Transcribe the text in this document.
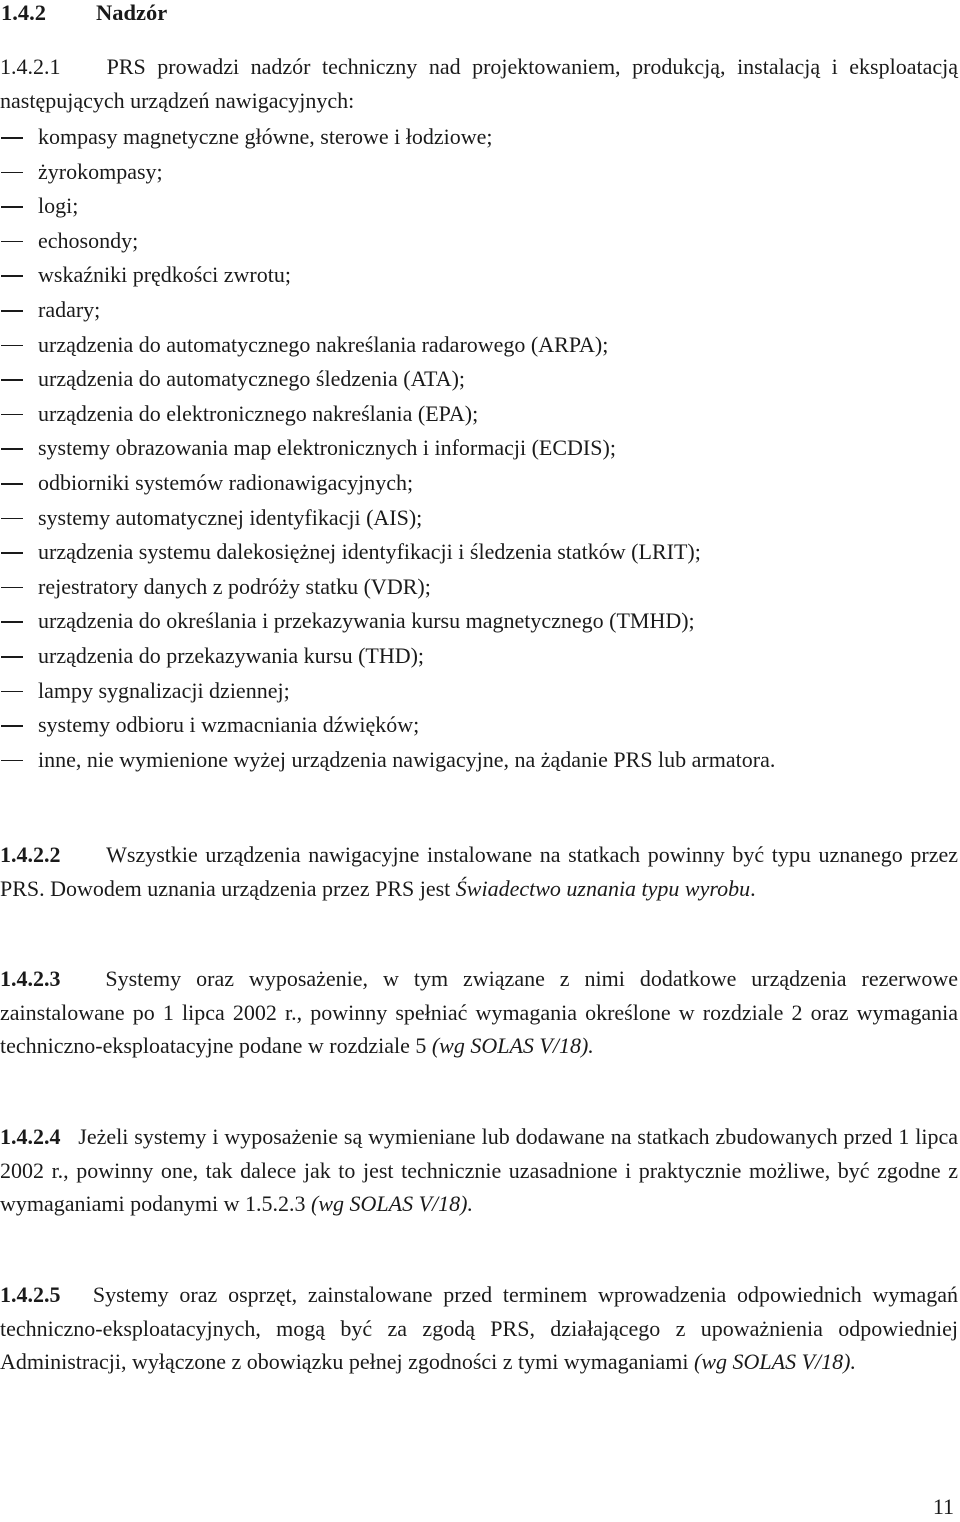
1.4.2 Nadzór
1.4.2.1 PRS prowadzi nadzór techniczny nad projektowaniem, produkcją, instalacją i eksploatacją następujących urządzeń nawigacyjnych:
kompasy magnetyczne główne, sterowe i łodziowe;
żyrokompasy;
logi;
echosondy;
wskaźniki prędkości zwrotu;
radary;
urządzenia do automatycznego nakreślania radarowego (ARPA);
urządzenia do automatycznego śledzenia (ATA);
urządzenia do elektronicznego nakreślania (EPA);
systemy obrazowania map elektronicznych i informacji (ECDIS);
odbiorniki systemów radionawigacyjnych;
systemy automatycznej identyfikacji (AIS);
urządzenia systemu dalekosiężnej identyfikacji i śledzenia statków (LRIT);
rejestratory danych z podróży statku (VDR);
urządzenia do określania i przekazywania kursu magnetycznego (TMHD);
urządzenia do przekazywania kursu (THD);
lampy sygnalizacji dziennej;
systemy odbioru i wzmacniania dźwięków;
inne, nie wymienione wyżej urządzenia nawigacyjne, na żądanie PRS lub armatora.
1.4.2.2 Wszystkie urządzenia nawigacyjne instalowane na statkach powinny być typu uznanego przez PRS. Dowodem uznania urządzenia przez PRS jest Świadectwo uznania typu wyrobu.
1.4.2.3 Systemy oraz wyposażenie, w tym związane z nimi dodatkowe urządzenia rezerwowe zainstalowane po 1 lipca 2002 r., powinny spełniać wymagania określone w rozdziale 2 oraz wymagania techniczno-eksploatacyjne podane w rozdziale 5 (wg SOLAS V/18).
1.4.2.4 Jeżeli systemy i wyposażenie są wymieniane lub dodawane na statkach zbudowanych przed 1 lipca 2002 r., powinny one, tak dalece jak to jest technicznie uzasadnione i praktycznie możliwe, być zgodne z wymaganiami podanymi w 1.5.2.3 (wg SOLAS V/18).
1.4.2.5 Systemy oraz osprzęt, zainstalowane przed terminem wprowadzenia odpowiednich wymagań techniczno-eksploatacyjnych, mogą być za zgodą PRS, działającego z upoważnienia odpowiedniej Administracji, wyłączone z obowiązku pełnej zgodności z tymi wymaganiami (wg SOLAS V/18).
11
